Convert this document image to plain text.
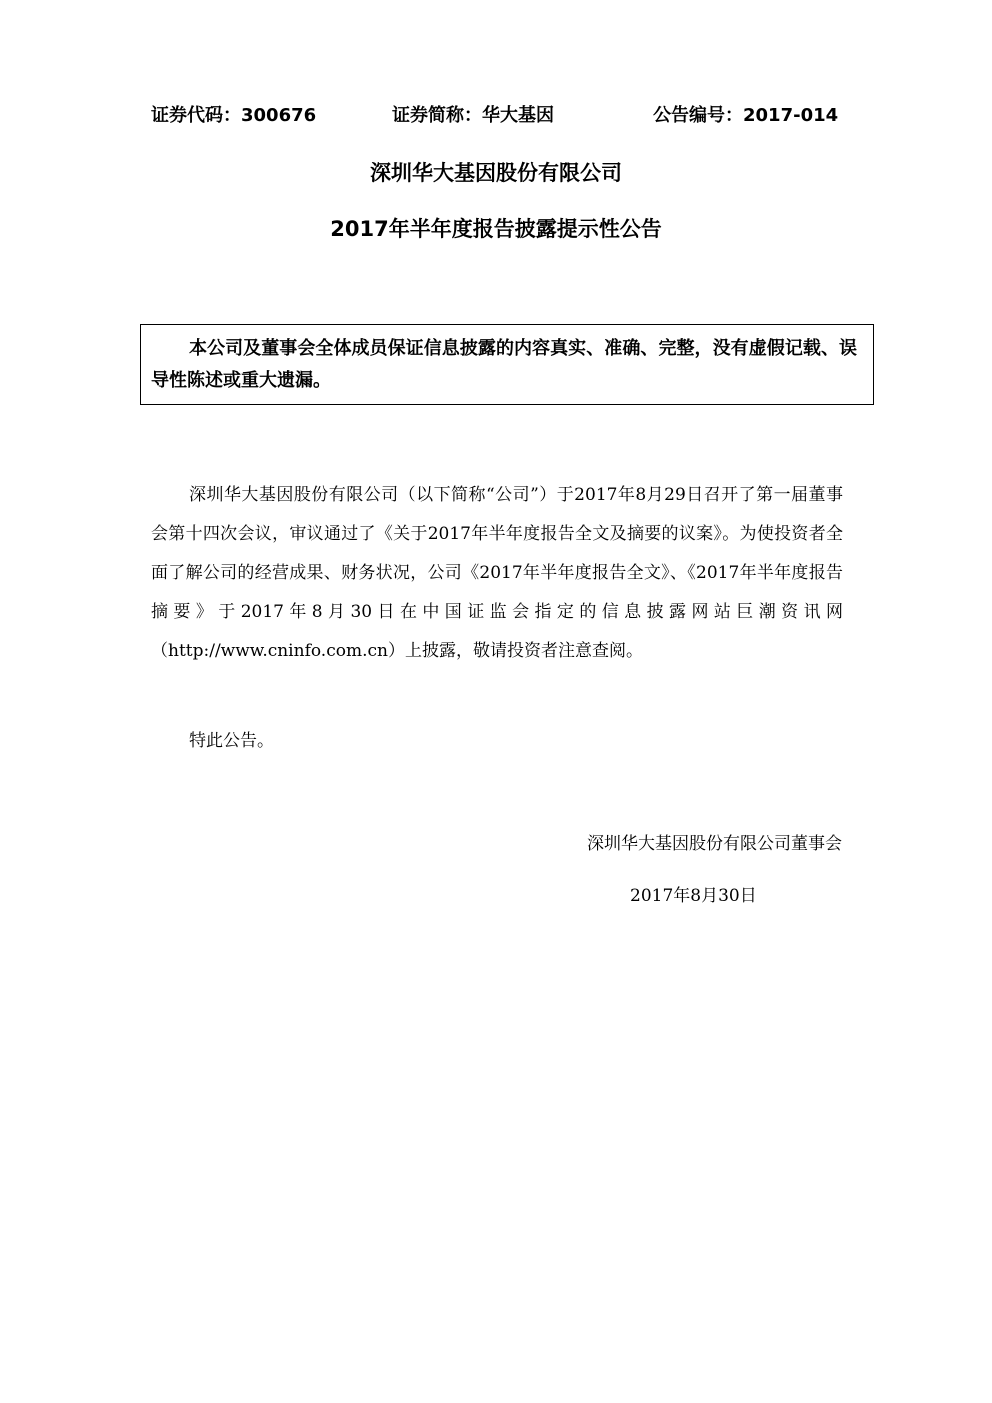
证券代码：300676	证券简称：华大基因	公告编号：2017-014
深圳华大基因股份有限公司
2017年半年度报告披露提示性公告

本公司及董事会全体成员保证信息披露的内容真实、准确、完整，没有虚假记载、误导性陈述或重大遗漏。

深圳华大基因股份有限公司（以下简称“公司”）于2017年8月29日召开了第一届董事会第十四次会议，审议通过了《关于2017年半年度报告全文及摘要的议案》。为使投资者全面了解公司的经营成果、财务状况，公司《2017年半年度报告全文》、《2017年半年度报告摘要》于2017年8月30日在中国证监会指定的信息披露网站巨潮资讯网（http://www.cninfo.com.cn）上披露，敬请投资者注意查阅。

特此公告。
深圳华大基因股份有限公司董事会
2017年8月30日
